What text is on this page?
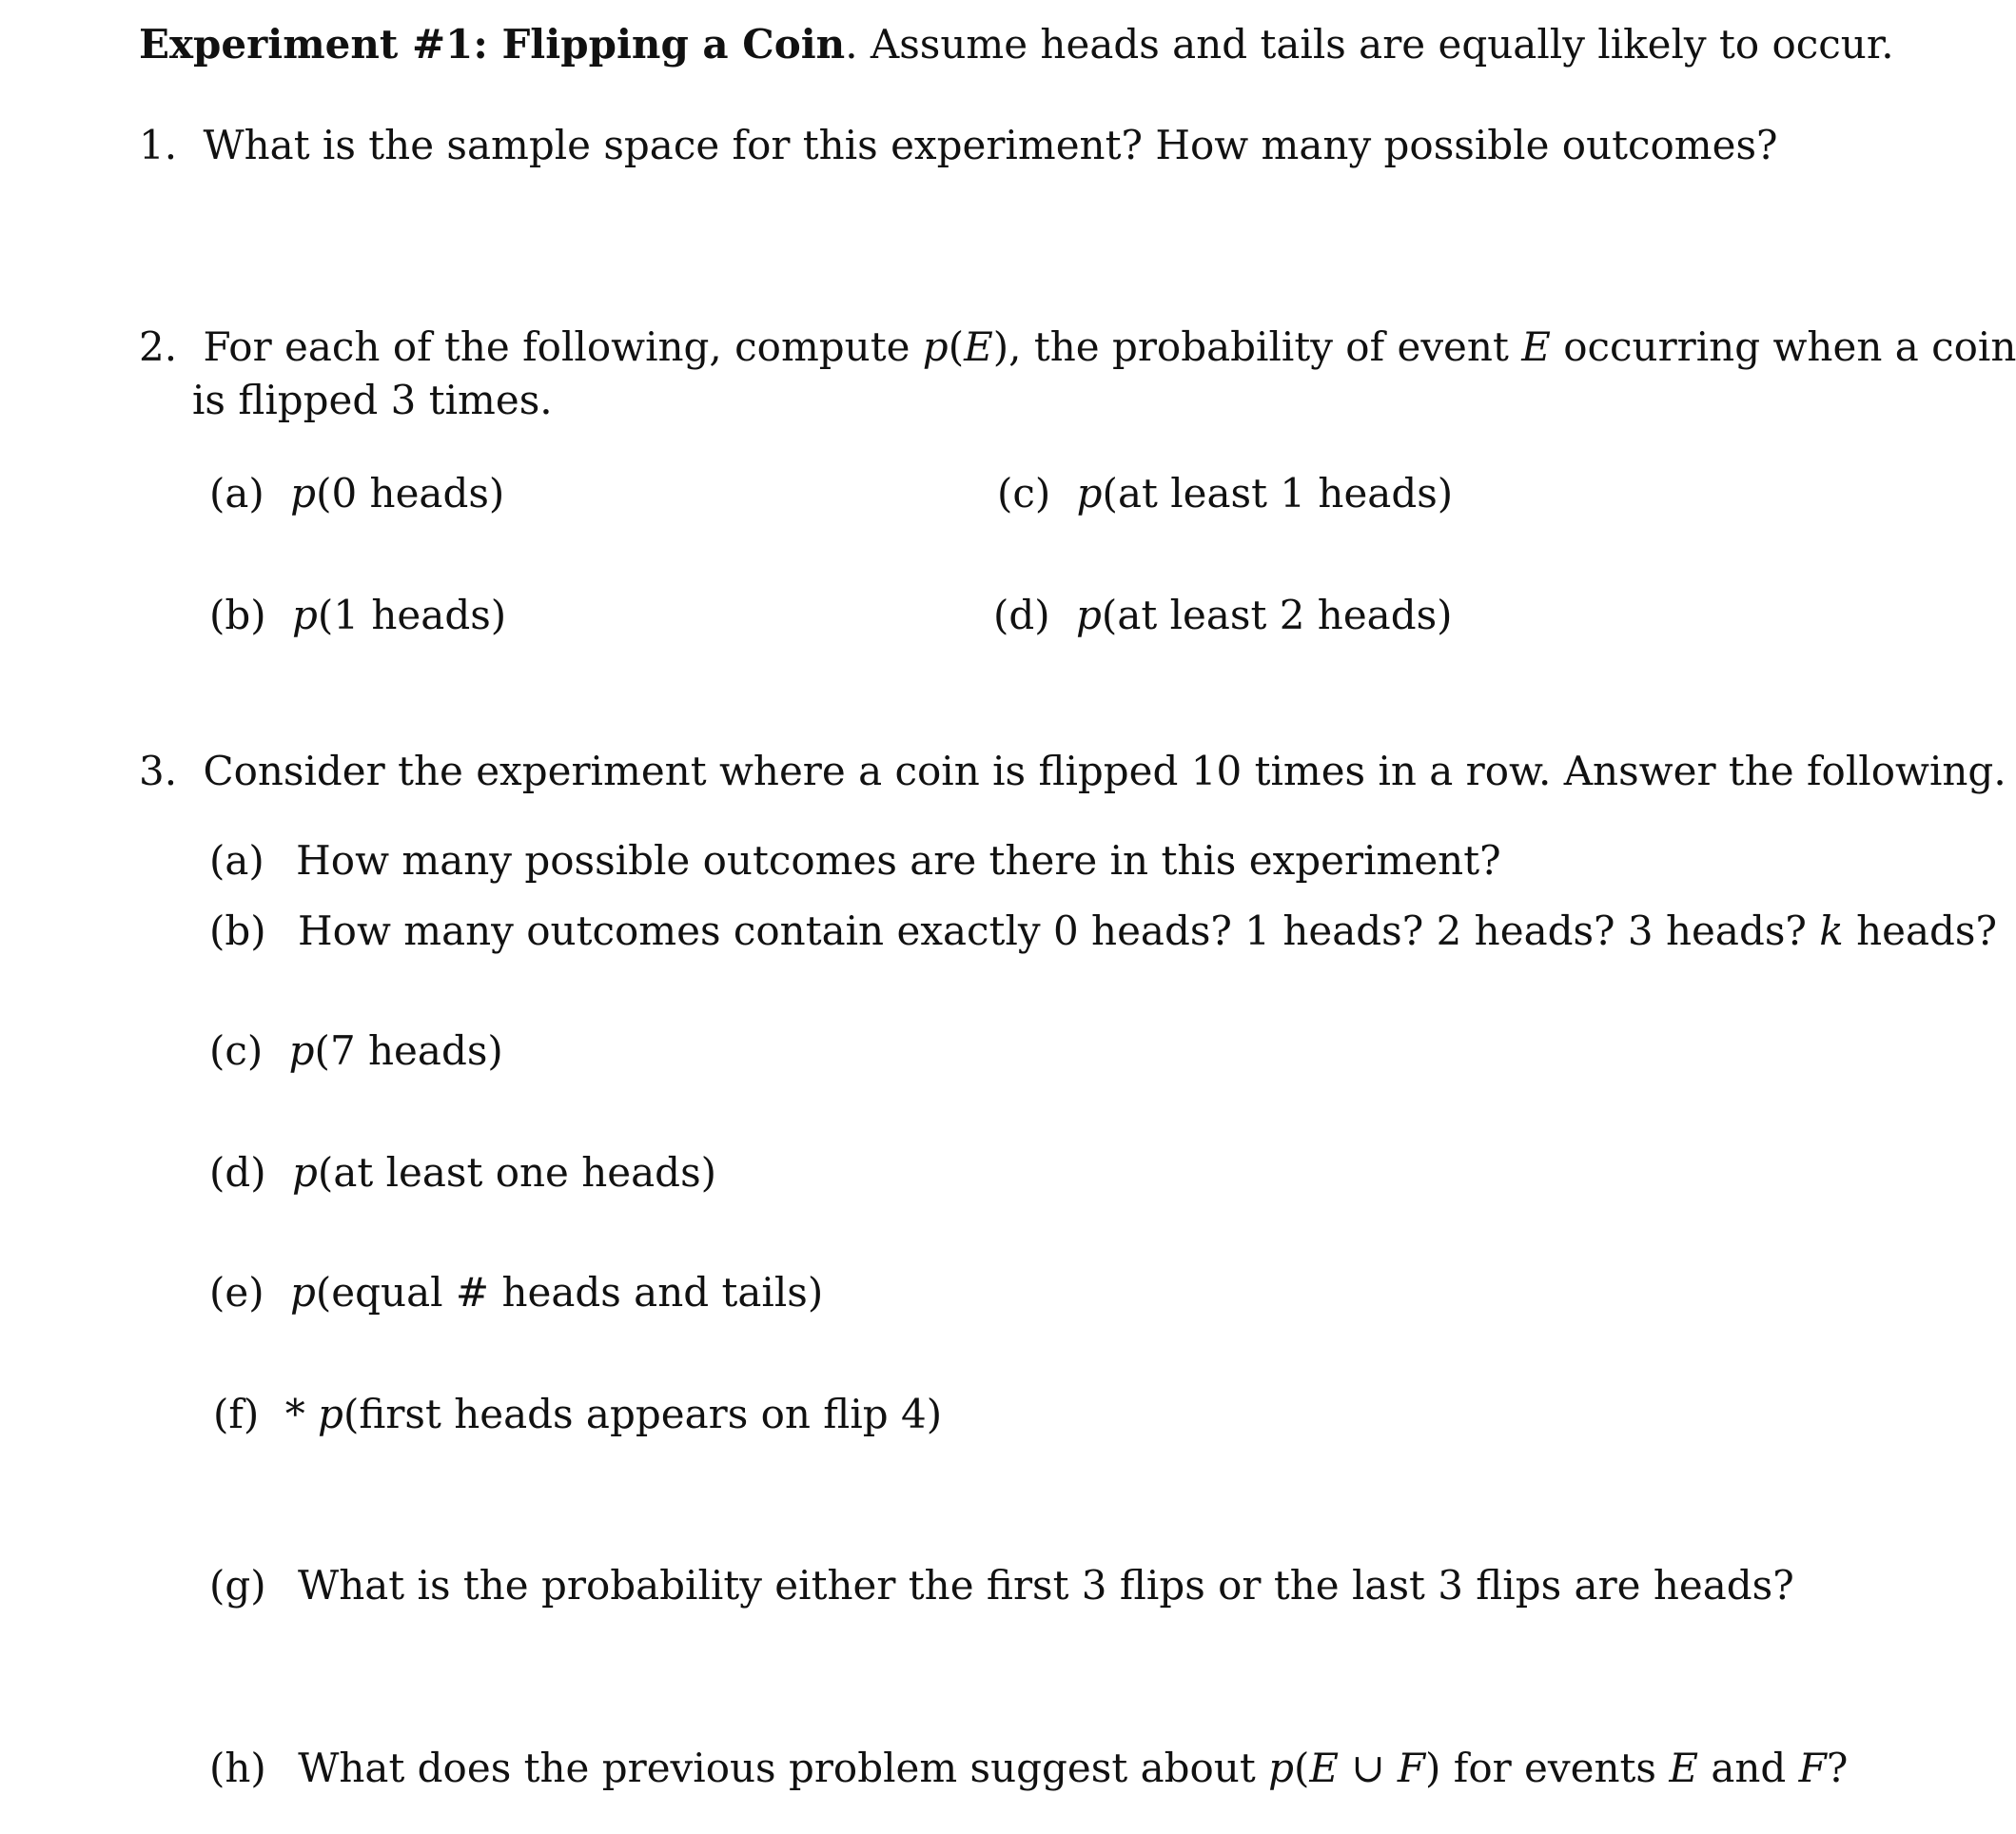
Experiment #1: Flipping a Coin. Assume heads and tails are equally likely to occur.
1. What is the sample space for this experiment? How many possible outcomes?
2. For each of the following, compute p(E), the probability of event E occurring when a coin
is flipped 3 times.
(a) p(0 heads)
(b) p(1 heads)
(c) p(at least 1 heads)
(d) p(at least 2 heads)
3. Consider the experiment where a coin is flipped 10 times in a row. Answer the following.
(a) How many possible outcomes are there in this experiment?
(b) How many outcomes contain exactly 0 heads? 1 heads? 2 heads? 3 heads? k heads?
(c) p(7 heads)
(d) p(at least one heads)
(e) p(equal # heads and tails)
(f) * p(first heads appears on flip 4)
(g) What is the probability either the first 3 flips or the last 3 flips are heads?
(h) What does the previous problem suggest about p(E ∪ F) for events E and F?
